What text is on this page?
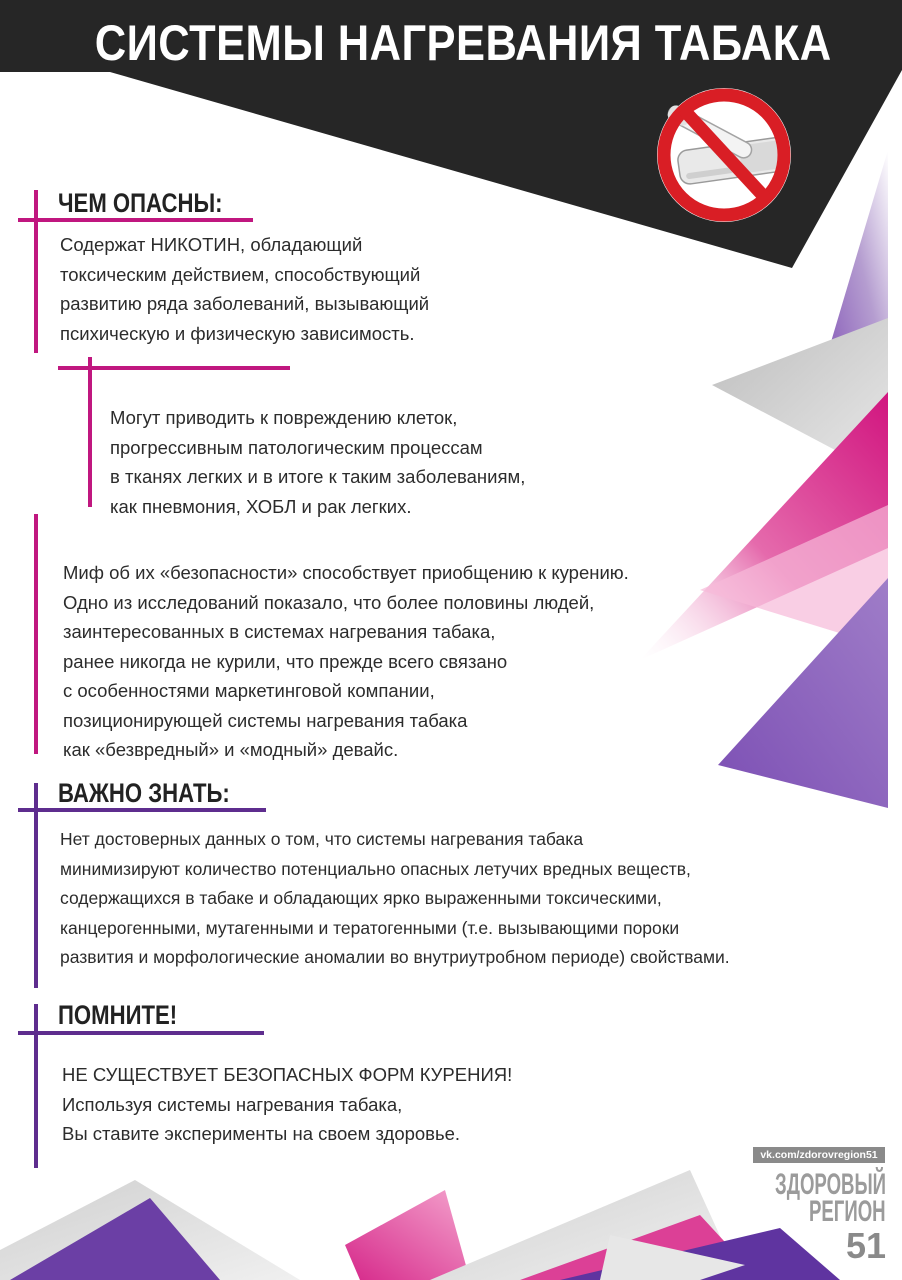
СИСТЕМЫ НАГРЕВАНИЯ ТАБАКА
ЧЕМ ОПАСНЫ:
Содержат НИКОТИН, обладающий
токсическим действием, способствующий
развитию ряда заболеваний, вызывающий
психическую и физическую зависимость.
Могут приводить к повреждению клеток,
прогрессивным патологическим процессам
в тканях легких и в итоге к таким заболеваниям,
как пневмония, ХОБЛ и рак легких.
Миф об их «безопасности» способствует приобщению к курению.
Одно из исследований показало, что более половины людей,
заинтересованных в системах нагревания табака,
ранее никогда не курили, что прежде всего связано
с особенностями маркетинговой компании,
позиционирующей системы нагревания табака
как «безвредный» и «модный» девайс.
ВАЖНО ЗНАТЬ:
Нет достоверных данных о том, что системы нагревания табака
минимизируют количество потенциально опасных летучих вредных веществ,
содержащихся в табаке и обладающих ярко выраженными токсическими,
канцерогенными, мутагенными и тератогенными (т.е. вызывающими пороки
развития и морфологические аномалии во внутриутробном периоде) свойствами.
ПОМНИТЕ!
НЕ СУЩЕСТВУЕТ БЕЗОПАСНЫХ ФОРМ КУРЕНИЯ!
Используя системы нагревания табака,
Вы ставите эксперименты на своем здоровье.
vk.com/zdorovregion51
ЗДОРОВЫЙ
РЕГИОН
51
